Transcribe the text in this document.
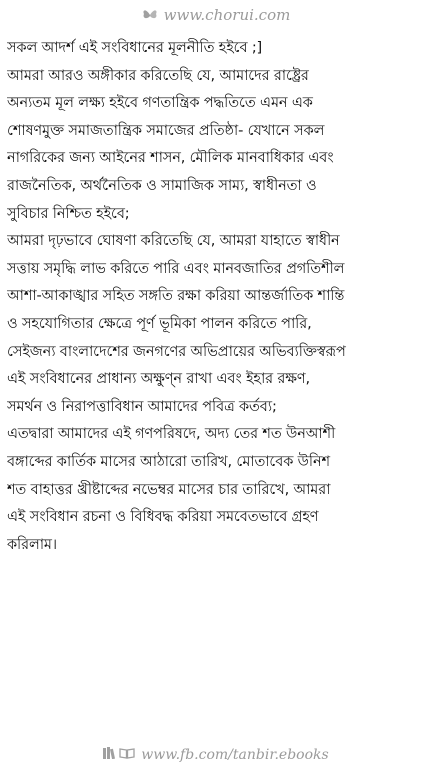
www.chorui.com
সকল আদর্শ এই সংবিধানের মূলনীতি হইবে ;]
আমরা আরও অঙ্গীকার করিতেছি যে, আমাদের রাষ্ট্রের
অন্যতম মূল লক্ষ্য হইবে গণতান্ত্রিক পদ্ধতিতে এমন এক
শোষণমুক্ত সমাজতান্ত্রিক সমাজের প্রতিষ্ঠা- যেখানে সকল
নাগরিকের জন্য আইনের শাসন, মৌলিক মানবাধিকার এবং
রাজনৈতিক, অর্থনৈতিক ও সামাজিক সাম্য, স্বাধীনতা ও
সুবিচার নিশ্চিত হইবে;
আমরা দৃঢ়ভাবে ঘোষণা করিতেছি যে, আমরা যাহাতে স্বাধীন
সত্তায় সমৃদ্ধি লাভ করিতে পারি এবং মানবজাতির প্রগতিশীল
আশা-আকাঙ্খার সহিত সঙ্গতি রক্ষা করিয়া আন্তর্জাতিক শান্তি
ও সহযোগিতার ক্ষেত্রে পূর্ণ ভূমিকা পালন করিতে পারি,
সেইজন্য বাংলাদেশের জনগণের অভিপ্রায়ের অভিব্যক্তিস্বরূপ
এই সংবিধানের প্রাধান্য অক্ষুণ্ন রাখা এবং ইহার রক্ষণ,
সমর্থন ও নিরাপত্তাবিধান আমাদের পবিত্র কর্তব্য;
এতদ্বারা আমাদের এই গণপরিষদে, অদ্য তের শত উনআশী
বঙ্গাব্দের কার্তিক মাসের আঠারো তারিখ, মোতাবেক উনিশ
শত বাহাত্তর খ্রীষ্টাব্দের নভেম্বর মাসের চার তারিখে, আমরা
এই সংবিধান রচনা ও বিধিবদ্ধ করিয়া সমবেতভাবে গ্রহণ
করিলাম।
www.fb.com/tanbir.ebooks
